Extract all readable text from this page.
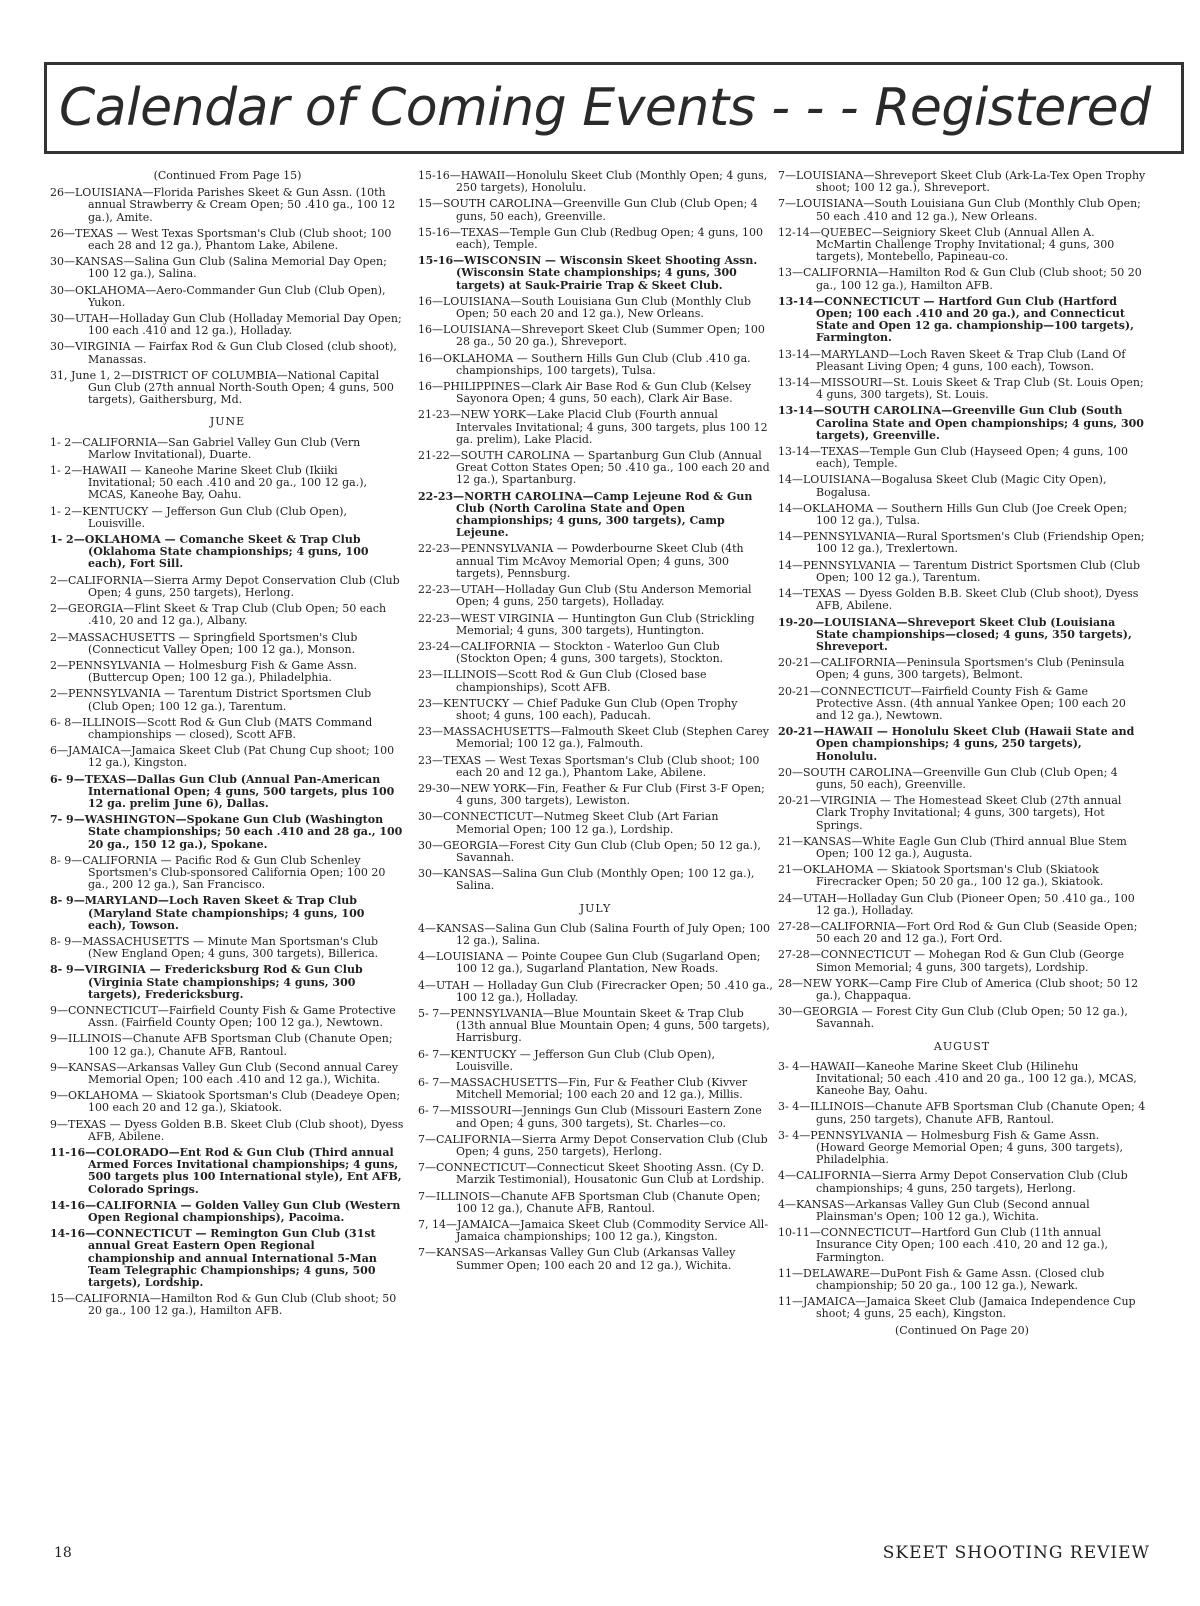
Calendar of Coming Events - - - Registered
(Continued From Page 15)
26—LOUISIANA—Florida Parishes Skeet & Gun Assn. (10th annual Strawberry & Cream Open; 50 .410 ga., 100 12 ga.), Amite.
26—TEXAS — West Texas Sportsman's Club (Club shoot; 100 each 28 and 12 ga.), Phantom Lake, Abilene.
30—KANSAS—Salina Gun Club (Salina Memorial Day Open; 100 12 ga.), Salina.
30—OKLAHOMA—Aero-Commander Gun Club (Club Open), Yukon.
30—UTAH—Holladay Gun Club (Holladay Memorial Day Open; 100 each .410 and 12 ga.), Holladay.
30—VIRGINIA — Fairfax Rod & Gun Club Closed (club shoot), Manassas.
31, June 1, 2—DISTRICT OF COLUMBIA—National Capital Gun Club (27th annual North-South Open; 4 guns, 500 targets), Gaithersburg, Md.
JUNE
1- 2—CALIFORNIA—San Gabriel Valley Gun Club (Vern Marlow Invitational), Duarte.
1- 2—HAWAII — Kaneohe Marine Skeet Club (Ikiiki Invitational; 50 each .410 and 20 ga., 100 12 ga.), MCAS, Kaneohe Bay, Oahu.
1- 2—KENTUCKY — Jefferson Gun Club (Club Open), Louisville.
1- 2—OKLAHOMA — Comanche Skeet & Trap Club (Oklahoma State championships; 4 guns, 100 each), Fort Sill.
2—CALIFORNIA—Sierra Army Depot Conservation Club (Club Open; 4 guns, 250 targets), Herlong.
2—GEORGIA—Flint Skeet & Trap Club (Club Open; 50 each .410, 20 and 12 ga.), Albany.
2—MASSACHUSETTS — Springfield Sportsmen's Club (Connecticut Valley Open; 100 12 ga.), Monson.
2—PENNSYLVANIA — Holmesburg Fish & Game Assn. (Buttercup Open; 100 12 ga.), Philadelphia.
2—PENNSYLVANIA — Tarentum District Sportsmen Club (Club Open; 100 12 ga.), Tarentum.
6- 8—ILLINOIS—Scott Rod & Gun Club (MATS Command championships — closed), Scott AFB.
6—JAMAICA—Jamaica Skeet Club (Pat Chung Cup shoot; 100 12 ga.), Kingston.
6- 9—TEXAS—Dallas Gun Club (Annual Pan-American International Open; 4 guns, 500 targets, plus 100 12 ga. prelim June 6), Dallas.
7- 9—WASHINGTON—Spokane Gun Club (Washington State championships; 50 each .410 and 28 ga., 100 20 ga., 150 12 ga.), Spokane.
8- 9—CALIFORNIA — Pacific Rod & Gun Club Schenley Sportsmen's Club-sponsored California Open; 100 20 ga., 200 12 ga.), San Francisco.
8- 9—MARYLAND—Loch Raven Skeet & Trap Club (Maryland State championships; 4 guns, 100 each), Towson.
8- 9—MASSACHUSETTS — Minute Man Sportsman's Club (New England Open; 4 guns, 300 targets), Billerica.
8- 9—VIRGINIA — Fredericksburg Rod & Gun Club (Virginia State championships; 4 guns, 300 targets), Fredericksburg.
9—CONNECTICUT—Fairfield County Fish & Game Protective Assn. (Fairfield County Open; 100 12 ga.), Newtown.
9—ILLINOIS—Chanute AFB Sportsman Club (Chanute Open; 100 12 ga.), Chanute AFB, Rantoul.
9—KANSAS—Arkansas Valley Gun Club (Second annual Carey Memorial Open; 100 each .410 and 12 ga.), Wichita.
9—OKLAHOMA — Skiatook Sportsman's Club (Deadeye Open; 100 each 20 and 12 ga.), Skiatook.
9—TEXAS — Dyess Golden B.B. Skeet Club (Club shoot), Dyess AFB, Abilene.
11-16—COLORADO—Ent Rod & Gun Club (Third annual Armed Forces Invitational championships; 4 guns, 500 targets plus 100 International style), Ent AFB, Colorado Springs.
14-16—CALIFORNIA — Golden Valley Gun Club (Western Open Regional championships), Pacoima.
14-16—CONNECTICUT — Remington Gun Club (31st annual Great Eastern Open Regional championship and annual International 5-Man Team Telegraphic Championships; 4 guns, 500 targets), Lordship.
15—CALIFORNIA—Hamilton Rod & Gun Club (Club shoot; 50 20 ga., 100 12 ga.), Hamilton AFB.
15-16—HAWAII—Honolulu Skeet Club (Monthly Open; 4 guns, 250 targets), Honolulu.
15—SOUTH CAROLINA—Greenville Gun Club (Club Open; 4 guns, 50 each), Greenville.
15-16—TEXAS—Temple Gun Club (Redbug Open; 4 guns, 100 each), Temple.
15-16—WISCONSIN — Wisconsin Skeet Shooting Assn. (Wisconsin State championships; 4 guns, 300 targets) at Sauk-Prairie Trap & Skeet Club.
16—LOUISIANA—South Louisiana Gun Club (Monthly Club Open; 50 each 20 and 12 ga.), New Orleans.
16—LOUISIANA—Shreveport Skeet Club (Summer Open; 100 28 ga., 50 20 ga.), Shreveport.
16—OKLAHOMA — Southern Hills Gun Club (Club .410 ga. championships, 100 targets), Tulsa.
16—PHILIPPINES—Clark Air Base Rod & Gun Club (Kelsey Sayonora Open; 4 guns, 50 each), Clark Air Base.
21-23—NEW YORK—Lake Placid Club (Fourth annual Intervales Invitational; 4 guns, 300 targets, plus 100 12 ga. prelim), Lake Placid.
21-22—SOUTH CAROLINA — Spartanburg Gun Club (Annual Great Cotton States Open; 50 .410 ga., 100 each 20 and 12 ga.), Spartanburg.
22-23—NORTH CAROLINA—Camp Lejeune Rod & Gun Club (North Carolina State and Open championships; 4 guns, 300 targets), Camp Lejeune.
22-23—PENNSYLVANIA — Powderbourne Skeet Club (4th annual Tim McAvoy Memorial Open; 4 guns, 300 targets), Pennsburg.
22-23—UTAH—Holladay Gun Club (Stu Anderson Memorial Open; 4 guns, 250 targets), Holladay.
22-23—WEST VIRGINIA — Huntington Gun Club (Strickling Memorial; 4 guns, 300 targets), Huntington.
23-24—CALIFORNIA — Stockton - Waterloo Gun Club (Stockton Open; 4 guns, 300 targets), Stockton.
23—ILLINOIS—Scott Rod & Gun Club (Closed base championships), Scott AFB.
23—KENTUCKY — Chief Paduke Gun Club (Open Trophy shoot; 4 guns, 100 each), Paducah.
23—MASSACHUSETTS—Falmouth Skeet Club (Stephen Carey Memorial; 100 12 ga.), Falmouth.
23—TEXAS — West Texas Sportsman's Club (Club shoot; 100 each 20 and 12 ga.), Phantom Lake, Abilene.
29-30—NEW YORK—Fin, Feather & Fur Club (First 3-F Open; 4 guns, 300 targets), Lewiston.
30—CONNECTICUT—Nutmeg Skeet Club (Art Farian Memorial Open; 100 12 ga.), Lordship.
30—GEORGIA—Forest City Gun Club (Club Open; 50 12 ga.), Savannah.
30—KANSAS—Salina Gun Club (Monthly Open; 100 12 ga.), Salina.
JULY
4—KANSAS—Salina Gun Club (Salina Fourth of July Open; 100 12 ga.), Salina.
4—LOUISIANA — Pointe Coupee Gun Club (Sugarland Open; 100 12 ga.), Sugarland Plantation, New Roads.
4—UTAH — Holladay Gun Club (Firecracker Open; 50 .410 ga., 100 12 ga.), Holladay.
5- 7—PENNSYLVANIA—Blue Mountain Skeet & Trap Club (13th annual Blue Mountain Open; 4 guns, 500 targets), Harrisburg.
6- 7—KENTUCKY — Jefferson Gun Club (Club Open), Louisville.
6- 7—MASSACHUSETTS—Fin, Fur & Feather Club (Kivver Mitchell Memorial; 100 each 20 and 12 ga.), Millis.
6- 7—MISSOURI—Jennings Gun Club (Missouri Eastern Zone and Open; 4 guns, 300 targets), St. Charles—co.
7—CALIFORNIA—Sierra Army Depot Conservation Club (Club Open; 4 guns, 250 targets), Herlong.
7—CONNECTICUT—Connecticut Skeet Shooting Assn. (Cy D. Marzik Testimonial), Housatonic Gun Club at Lordship.
7—ILLINOIS—Chanute AFB Sportsman Club (Chanute Open; 100 12 ga.), Chanute AFB, Rantoul.
7, 14—JAMAICA—Jamaica Skeet Club (Commodity Service All-Jamaica championships; 100 12 ga.), Kingston.
7—KANSAS—Arkansas Valley Gun Club (Arkansas Valley Summer Open; 100 each 20 and 12 ga.), Wichita.
7—LOUISIANA—Shreveport Skeet Club (Ark-La-Tex Open Trophy shoot; 100 12 ga.), Shreveport.
7—LOUISIANA—South Louisiana Gun Club (Monthly Club Open; 50 each .410 and 12 ga.), New Orleans.
12-14—QUEBEC—Seigniory Skeet Club (Annual Allen A. McMartin Challenge Trophy Invitational; 4 guns, 300 targets), Montebello, Papineau-co.
13—CALIFORNIA—Hamilton Rod & Gun Club (Club shoot; 50 20 ga., 100 12 ga.), Hamilton AFB.
13-14—CONNECTICUT — Hartford Gun Club (Hartford Open; 100 each .410 and 20 ga.), and Connecticut State and Open 12 ga. championship—100 targets), Farmington.
13-14—MARYLAND—Loch Raven Skeet & Trap Club (Land Of Pleasant Living Open; 4 guns, 100 each), Towson.
13-14—MISSOURI—St. Louis Skeet & Trap Club (St. Louis Open; 4 guns, 300 targets), St. Louis.
13-14—SOUTH CAROLINA—Greenville Gun Club (South Carolina State and Open championships; 4 guns, 300 targets), Greenville.
13-14—TEXAS—Temple Gun Club (Hayseed Open; 4 guns, 100 each), Temple.
14—LOUISIANA—Bogalusa Skeet Club (Magic City Open), Bogalusa.
14—OKLAHOMA — Southern Hills Gun Club (Joe Creek Open; 100 12 ga.), Tulsa.
14—PENNSYLVANIA—Rural Sportsmen's Club (Friendship Open; 100 12 ga.), Trexlertown.
14—PENNSYLVANIA — Tarentum District Sportsmen Club (Club Open; 100 12 ga.), Tarentum.
14—TEXAS — Dyess Golden B.B. Skeet Club (Club shoot), Dyess AFB, Abilene.
19-20—LOUISIANA—Shreveport Skeet Club (Louisiana State championships—closed; 4 guns, 350 targets), Shreveport.
20-21—CALIFORNIA—Peninsula Sportsmen's Club (Peninsula Open; 4 guns, 300 targets), Belmont.
20-21—CONNECTICUT—Fairfield County Fish & Game Protective Assn. (4th annual Yankee Open; 100 each 20 and 12 ga.), Newtown.
20-21—HAWAII — Honolulu Skeet Club (Hawaii State and Open championships; 4 guns, 250 targets), Honolulu.
20—SOUTH CAROLINA—Greenville Gun Club (Club Open; 4 guns, 50 each), Greenville.
20-21—VIRGINIA — The Homestead Skeet Club (27th annual Clark Trophy Invitational; 4 guns, 300 targets), Hot Springs.
21—KANSAS—White Eagle Gun Club (Third annual Blue Stem Open; 100 12 ga.), Augusta.
21—OKLAHOMA — Skiatook Sportsman's Club (Skiatook Firecracker Open; 50 20 ga., 100 12 ga.), Skiatook.
24—UTAH—Holladay Gun Club (Pioneer Open; 50 .410 ga., 100 12 ga.), Holladay.
27-28—CALIFORNIA—Fort Ord Rod & Gun Club (Seaside Open; 50 each 20 and 12 ga.), Fort Ord.
27-28—CONNECTICUT — Mohegan Rod & Gun Club (George Simon Memorial; 4 guns, 300 targets), Lordship.
28—NEW YORK—Camp Fire Club of America (Club shoot; 50 12 ga.), Chappaqua.
30—GEORGIA — Forest City Gun Club (Club Open; 50 12 ga.), Savannah.
AUGUST
3- 4—HAWAII—Kaneohe Marine Skeet Club (Hilinehu Invitational; 50 each .410 and 20 ga., 100 12 ga.), MCAS, Kaneohe Bay, Oahu.
3- 4—ILLINOIS—Chanute AFB Sportsman Club (Chanute Open; 4 guns, 250 targets), Chanute AFB, Rantoul.
3- 4—PENNSYLVANIA — Holmesburg Fish & Game Assn. (Howard George Memorial Open; 4 guns, 300 targets), Philadelphia.
4—CALIFORNIA—Sierra Army Depot Conservation Club (Club championships; 4 guns, 250 targets), Herlong.
4—KANSAS—Arkansas Valley Gun Club (Second annual Plainsman's Open; 100 12 ga.), Wichita.
10-11—CONNECTICUT—Hartford Gun Club (11th annual Insurance City Open; 100 each .410, 20 and 12 ga.), Farmington.
11—DELAWARE—DuPont Fish & Game Assn. (Closed club championship; 50 20 ga., 100 12 ga.), Newark.
11—JAMAICA—Jamaica Skeet Club (Jamaica Independence Cup shoot; 4 guns, 25 each), Kingston.
(Continued On Page 20)
18	SKEET SHOOTING REVIEW
